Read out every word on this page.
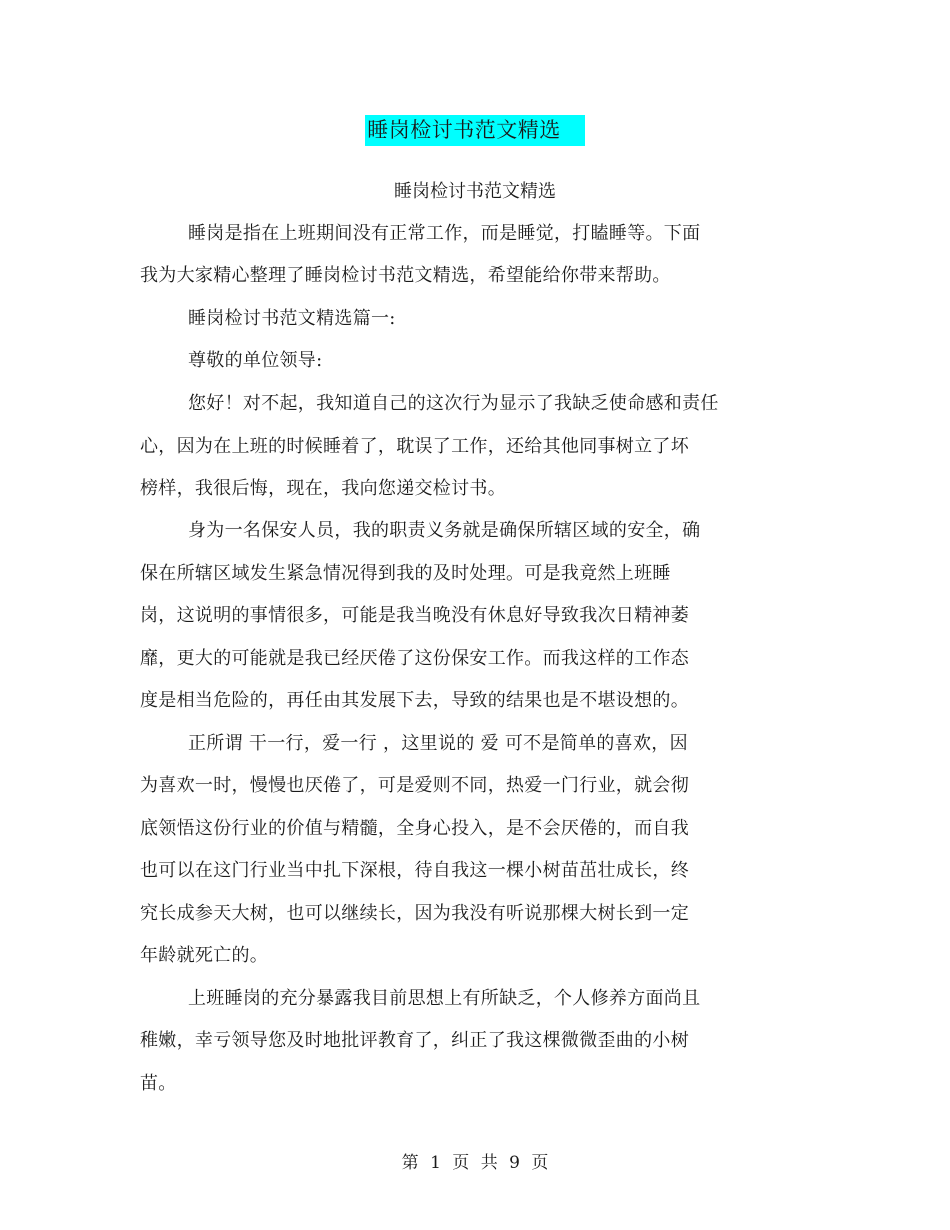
睡岗检讨书范文精选
睡岗检讨书范文精选
睡岗是指在上班期间没有正常工作，而是睡觉，打瞌睡等。下面
我为大家精心整理了睡岗检讨书范文精选，希望能给你带来帮助。
睡岗检讨书范文精选篇一:
尊敬的单位领导:
您好！对不起，我知道自己的这次行为显示了我缺乏使命感和责任
心，因为在上班的时候睡着了，耽误了工作，还给其他同事树立了坏
榜样，我很后悔，现在，我向您递交检讨书。
身为一名保安人员，我的职责义务就是确保所辖区域的安全，确
保在所辖区域发生紧急情况得到我的及时处理。可是我竟然上班睡
岗，这说明的事情很多，可能是我当晚没有休息好导致我次日精神萎
靡，更大的可能就是我已经厌倦了这份保安工作。而我这样的工作态
度是相当危险的，再任由其发展下去，导致的结果也是不堪设想的。
正所谓 干一行，爱一行 ，这里说的 爱 可不是简单的喜欢，因
为喜欢一时，慢慢也厌倦了，可是爱则不同，热爱一门行业，就会彻
底领悟这份行业的价值与精髓，全身心投入，是不会厌倦的，而自我
也可以在这门行业当中扎下深根，待自我这一棵小树苗茁壮成长，终
究长成参天大树，也可以继续长，因为我没有听说那棵大树长到一定
年龄就死亡的。
上班睡岗的充分暴露我目前思想上有所缺乏，个人修养方面尚且
稚嫩，幸亏领导您及时地批评教育了，纠正了我这棵微微歪曲的小树
苗。
第 1 页 共 9 页
